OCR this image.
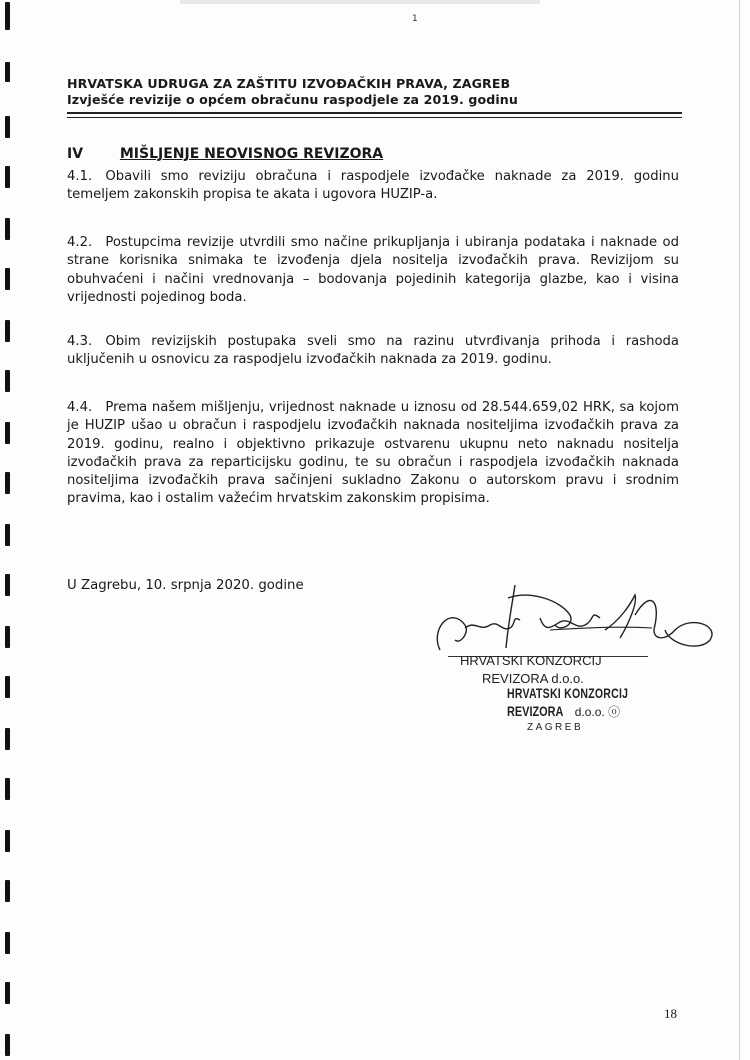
1
HRVATSKA UDRUGA ZA ZAŠTITU IZVOĐAČKIH PRAVA, ZAGREB
Izvješće revizije o općem obračunu raspodjele za 2019. godinu
IV	MIŠLJENJE NEOVISNOG REVIZORA

4.1. Obavili smo reviziju obračuna i raspodjele izvođačke naknade za 2019. godinu temeljem zakonskih propisa te akata i ugovora HUZIP-a.

4.2. Postupcima revizije utvrdili smo načine prikupljanja i ubiranja podataka i naknade od strane korisnika snimaka te izvođenja djela nositelja izvođačkih prava. Revizijom su obuhvaćeni i načini vrednovanja – bodovanja pojedinih kategorija glazbe, kao i visina vrijednosti pojedinog boda.

4.3. Obim revizijskih postupaka sveli smo na razinu utvrđivanja prihoda i rashoda uključenih u osnovicu za raspodjelu izvođačkih naknada za 2019. godinu.

4.4. Prema našem mišljenju, vrijednost naknade u iznosu od 28.544.659,02 HRK, sa kojom je HUZIP ušao u obračun i raspodjelu izvođačkih naknada nositeljima izvođačkih prava za 2019. godinu, realno i objektivno prikazuje ostvarenu ukupnu neto naknadu nositelja izvođačkih prava za reparticijsku godinu, te su obračun i raspodjela izvođačkih naknada nositeljima izvođačkih prava sačinjeni sukladno Zakonu o autorskom pravu i srodnim pravima, kao i ostalim važećim hrvatskim zakonskim propisima.

U Zagrebu, 10. srpnja 2020. godine
HRVATSKI KONZORCIJ
REVIZORA d.o.o.
HRVATSKI KONZORCIJ
REVIZORA d.o.o. ⓞ
ZAGREB
18
